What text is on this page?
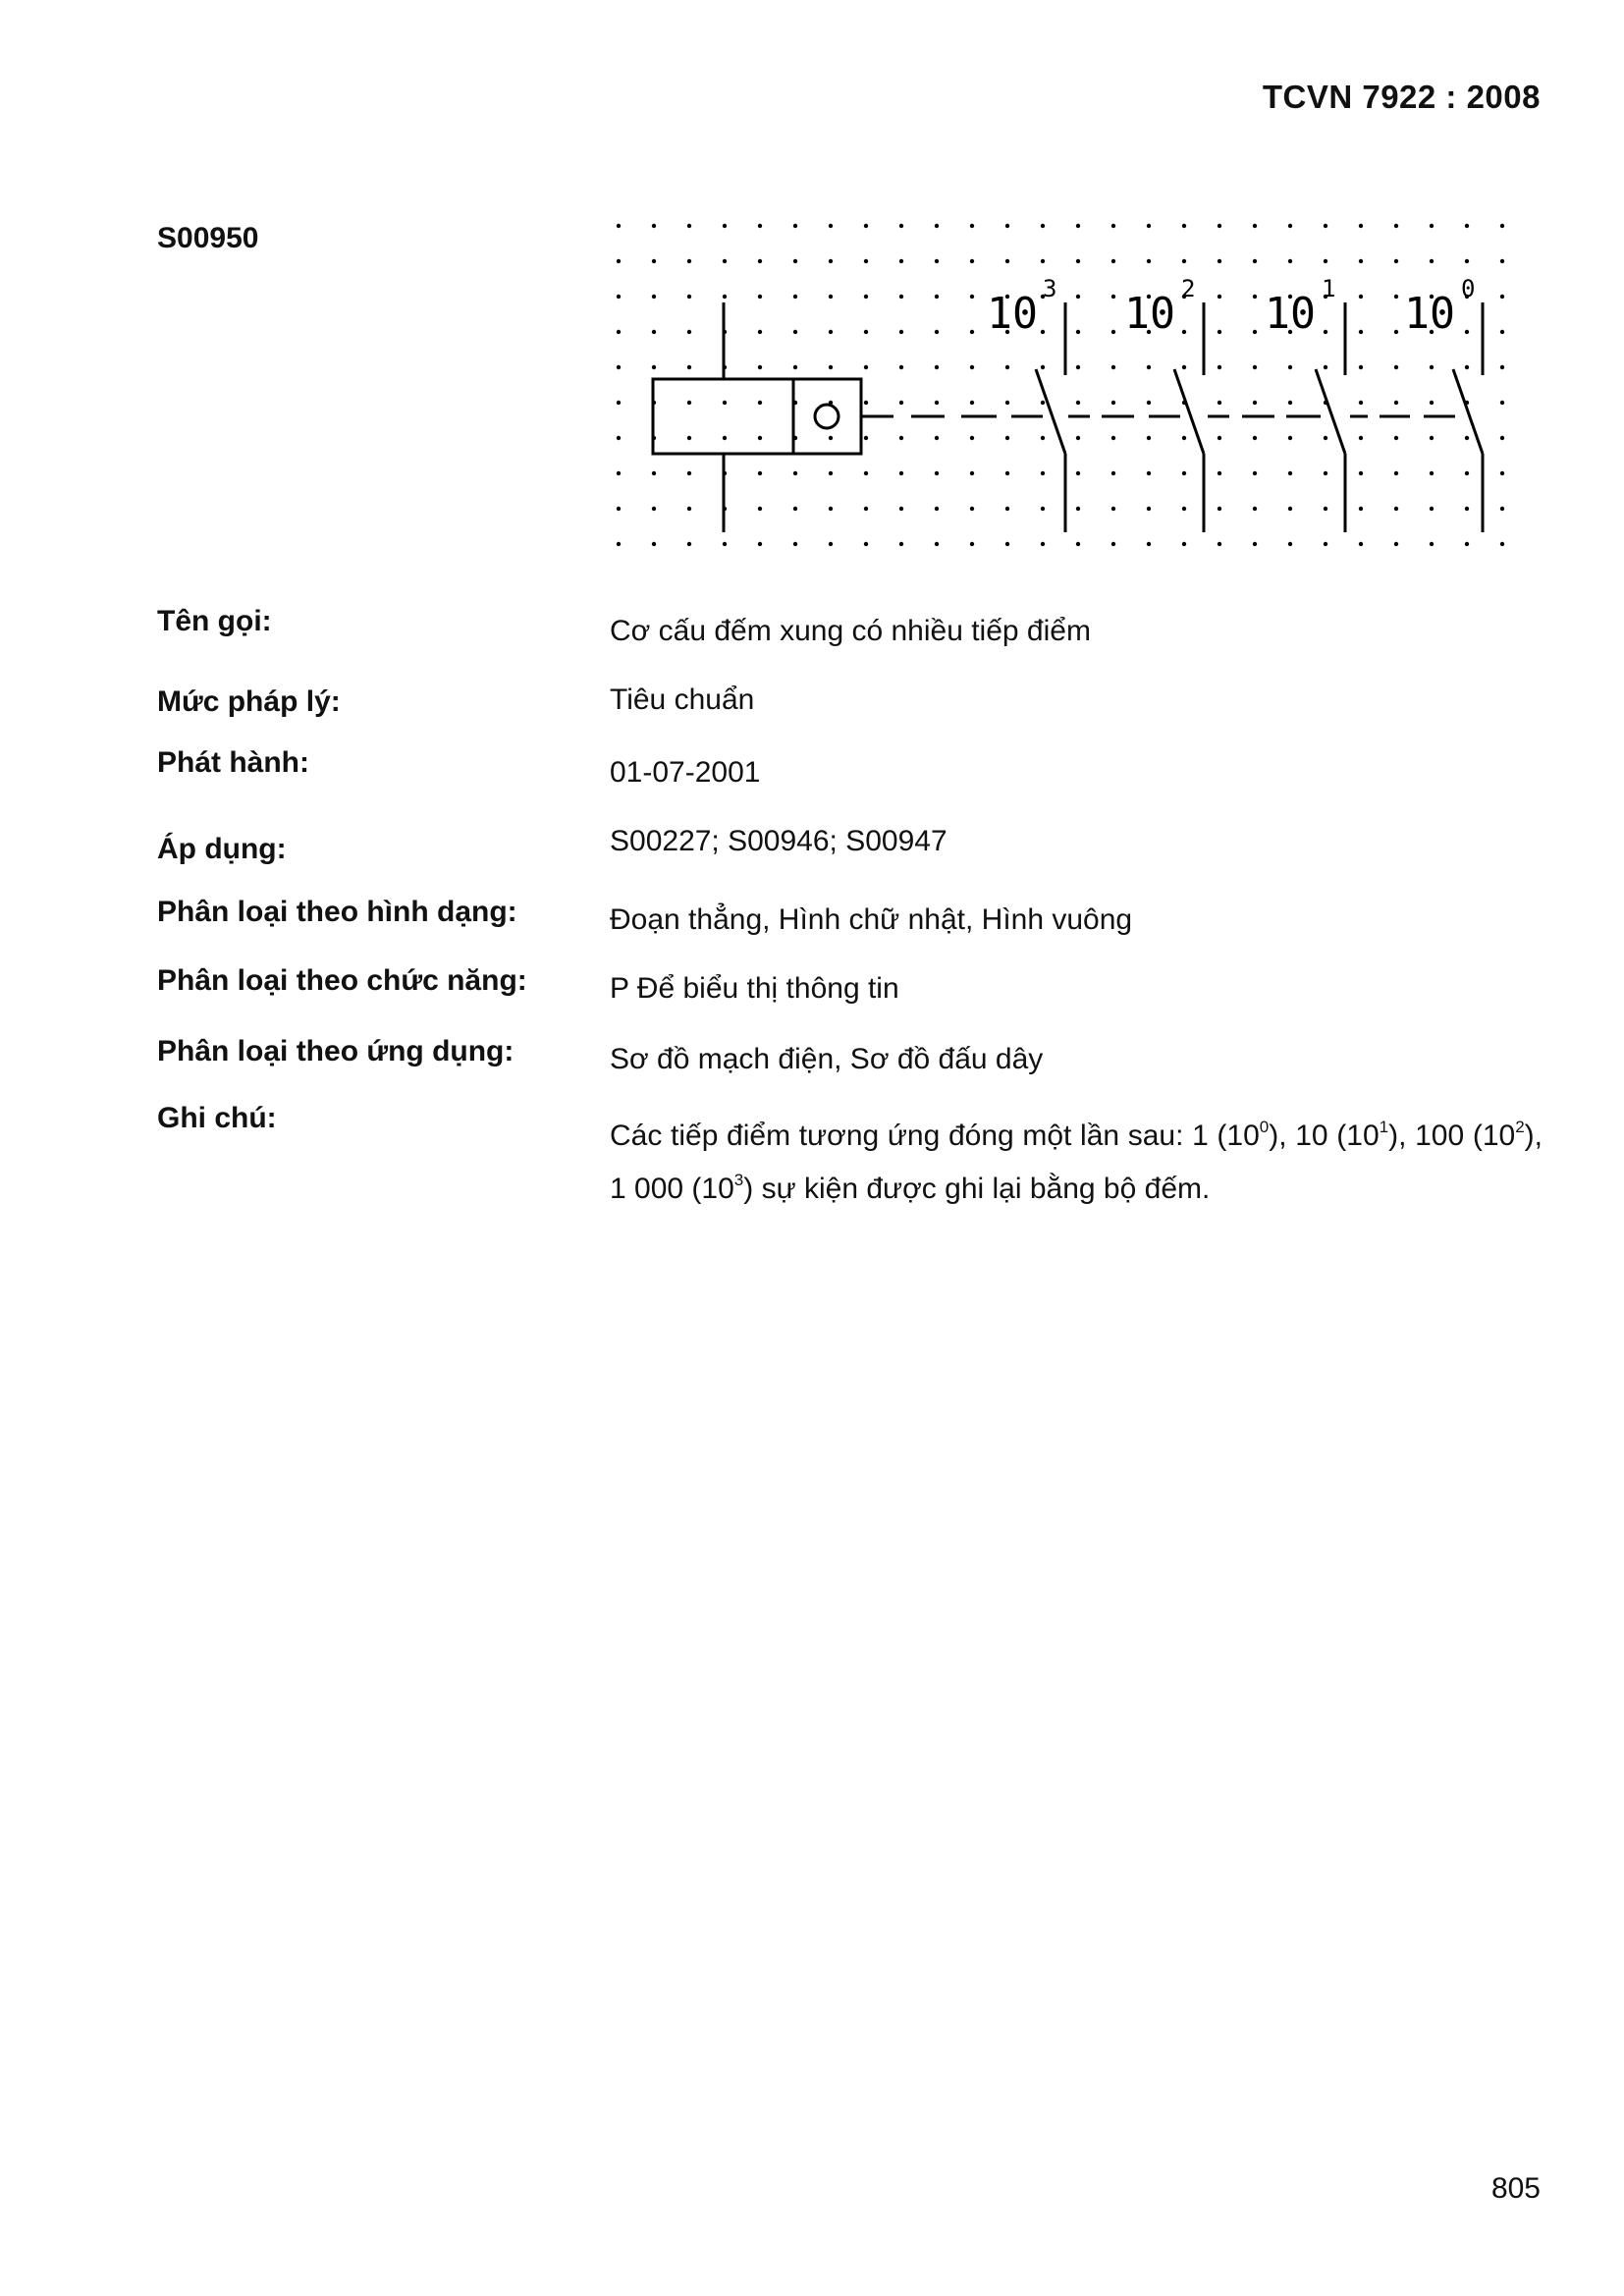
TCVN 7922 : 2008
S00950
10 3 10 2 10 1 10 0
Tên gọi:	Cơ cấu đếm xung có nhiều tiếp điểm
Mức pháp lý:	Tiêu chuẩn
Phát hành:	01-07-2001
Áp dụng:	S00227; S00946; S00947
Phân loại theo hình dạng:	Đoạn thẳng, Hình chữ nhật, Hình vuông
Phân loại theo chức năng:	P Để biểu thị thông tin
Phân loại theo ứng dụng:	Sơ đồ mạch điện, Sơ đồ đấu dây
Ghi chú:
Các tiếp điểm tương ứng đóng một lần sau: 1 $(10^0)$, 10 $(10^1)$, 100 $(10^2)$, 1 000 $(10^3)$ sự kiện được ghi lại bằng bộ đếm.
805
